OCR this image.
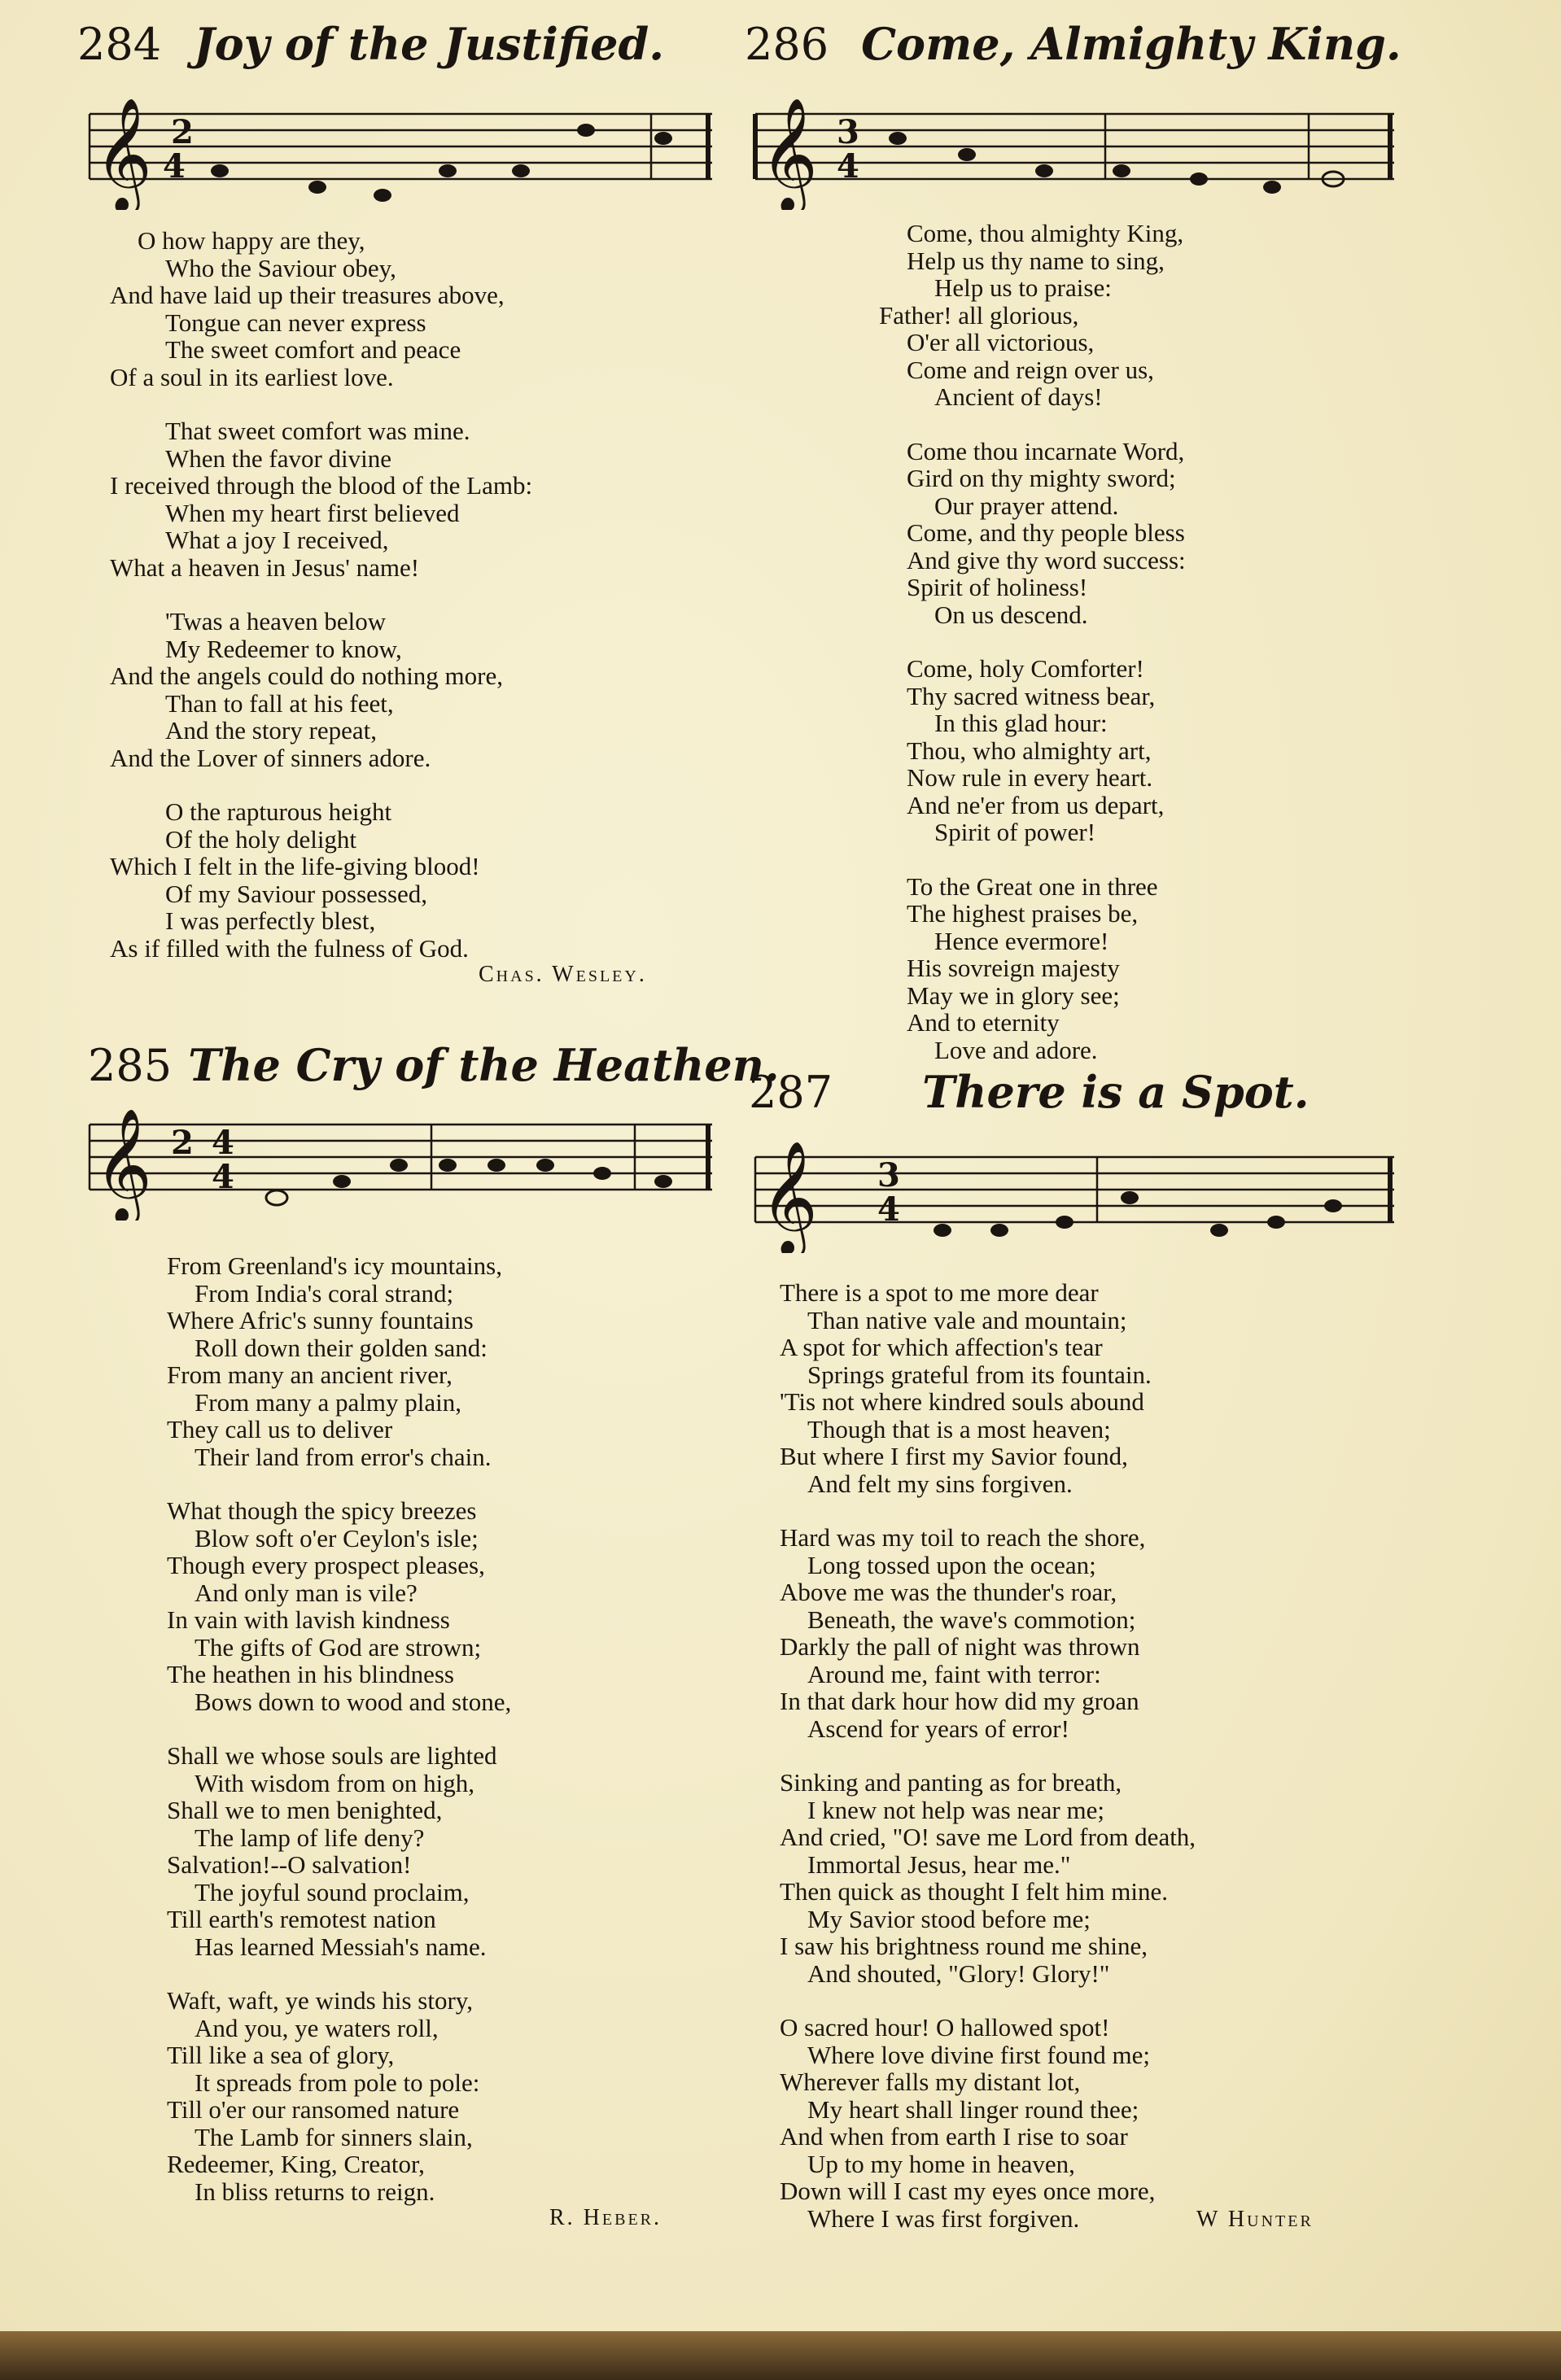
284 Joy of the Justified.
𝄞 2
4
O how happy are they,
Who the Saviour obey,
And have laid up their treasures above,
Tongue can never express
The sweet comfort and peace
Of a soul in its earliest love.
That sweet comfort was mine.
When the favor divine
I received through the blood of the Lamb:
When my heart first believed
What a joy I received,
What a heaven in Jesus' name!
'Twas a heaven below
My Redeemer to know,
And the angels could do nothing more,
Than to fall at his feet,
And the story repeat,
And the Lover of sinners adore.
O the rapturous height
Of the holy delight
Which I felt in the life-giving blood!
Of my Saviour possessed,
I was perfectly blest,
As if filled with the fulness of God.
Chas. Wesley.
285 The Cry of the Heathen.
𝄞 2 4
4
From Greenland's icy mountains,
From India's coral strand;
Where Afric's sunny fountains
Roll down their golden sand:
From many an ancient river,
From many a palmy plain,
They call us to deliver
Their land from error's chain.
What though the spicy breezes
Blow soft o'er Ceylon's isle;
Though every prospect pleases,
And only man is vile?
In vain with lavish kindness
The gifts of God are strown;
The heathen in his blindness
Bows down to wood and stone,
Shall we whose souls are lighted
With wisdom from on high,
Shall we to men benighted,
The lamp of life deny?
Salvation!--O salvation!
The joyful sound proclaim,
Till earth's remotest nation
Has learned Messiah's name.
Waft, waft, ye winds his story,
And you, ye waters roll,
Till like a sea of glory,
It spreads from pole to pole:
Till o'er our ransomed nature
The Lamb for sinners slain,
Redeemer, King, Creator,
In bliss returns to reign.
R. Heber.
286 Come, Almighty King.
𝄞 3
4
Come, thou almighty King,
Help us thy name to sing,
Help us to praise:
Father! all glorious,
O'er all victorious,
Come and reign over us,
Ancient of days!
Come thou incarnate Word,
Gird on thy mighty sword;
Our prayer attend.
Come, and thy people bless
And give thy word success:
Spirit of holiness!
On us descend.
Come, holy Comforter!
Thy sacred witness bear,
In this glad hour:
Thou, who almighty art,
Now rule in every heart.
And ne'er from us depart,
Spirit of power!
To the Great one in three
The highest praises be,
Hence evermore!
His sovreign majesty
May we in glory see;
And to eternity
Love and adore.
287 There is a Spot.
𝄞 3
4
There is a spot to me more dear
Than native vale and mountain;
A spot for which affection's tear
Springs grateful from its fountain.
'Tis not where kindred souls abound
Though that is a most heaven;
But where I first my Savior found,
And felt my sins forgiven.
Hard was my toil to reach the shore,
Long tossed upon the ocean;
Above me was the thunder's roar,
Beneath, the wave's commotion;
Darkly the pall of night was thrown
Around me, faint with terror:
In that dark hour how did my groan
Ascend for years of error!
Sinking and panting as for breath,
I knew not help was near me;
And cried, "O! save me Lord from death,
Immortal Jesus, hear me."
Then quick as thought I felt him mine.
My Savior stood before me;
I saw his brightness round me shine,
And shouted, "Glory! Glory!"
O sacred hour! O hallowed spot!
Where love divine first found me;
Wherever falls my distant lot,
My heart shall linger round thee;
And when from earth I rise to soar
Up to my home in heaven,
Down will I cast my eyes once more,
Where I was first forgiven.	W Hunter
